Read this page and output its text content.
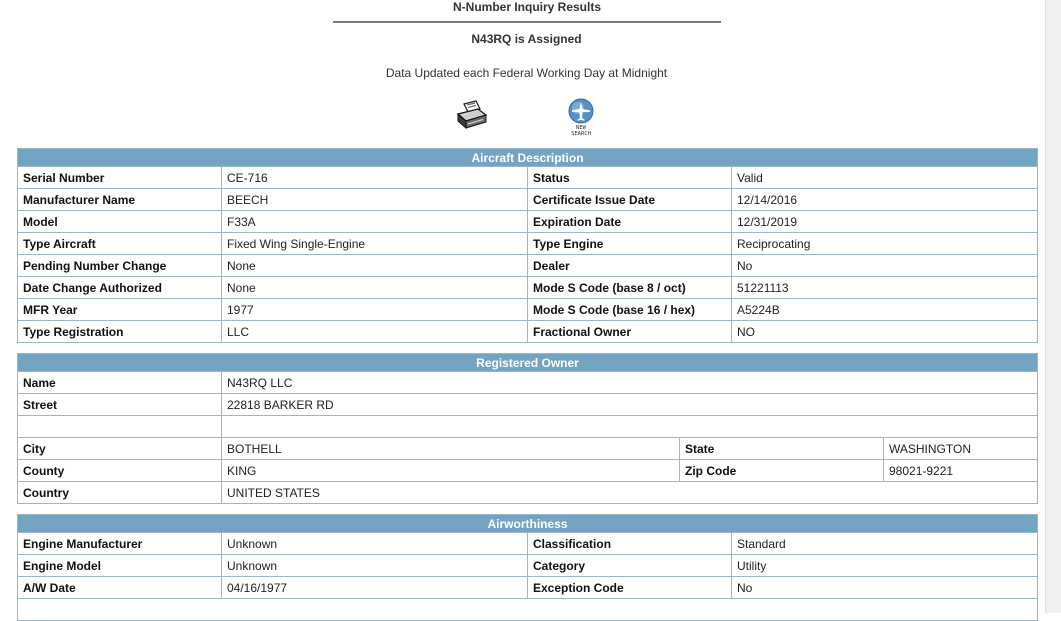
N-Number Inquiry Results
N43RQ is Assigned
Data Updated each Federal Working Day at Midnight
NEW
SEARCH
Aircraft Description			
Serial Number	CE-716	Status	Valid
Manufacturer Name	BEECH	Certificate Issue Date	12/14/2016
Model	F33A	Expiration Date	12/31/2019
Type Aircraft	Fixed Wing Single-Engine	Type Engine	Reciprocating
Pending Number Change	None	Dealer	No
Date Change Authorized	None	Mode S Code (base 8 / oct)	51221113
MFR Year	1977	Mode S Code (base 16 / hex)	A5224B
Type Registration	LLC	Fractional Owner	NO
Registered Owner			
Name	N43RQ LLC		
Street	22818 BARKER RD		

City	BOTHELL	State	WASHINGTON
County	KING	Zip Code	98021-9221
Country	UNITED STATES		
Airworthiness			
Engine Manufacturer	Unknown	Classification	Standard
Engine Model	Unknown	Category	Utility
A/W Date	04/16/1977	Exception Code	No
